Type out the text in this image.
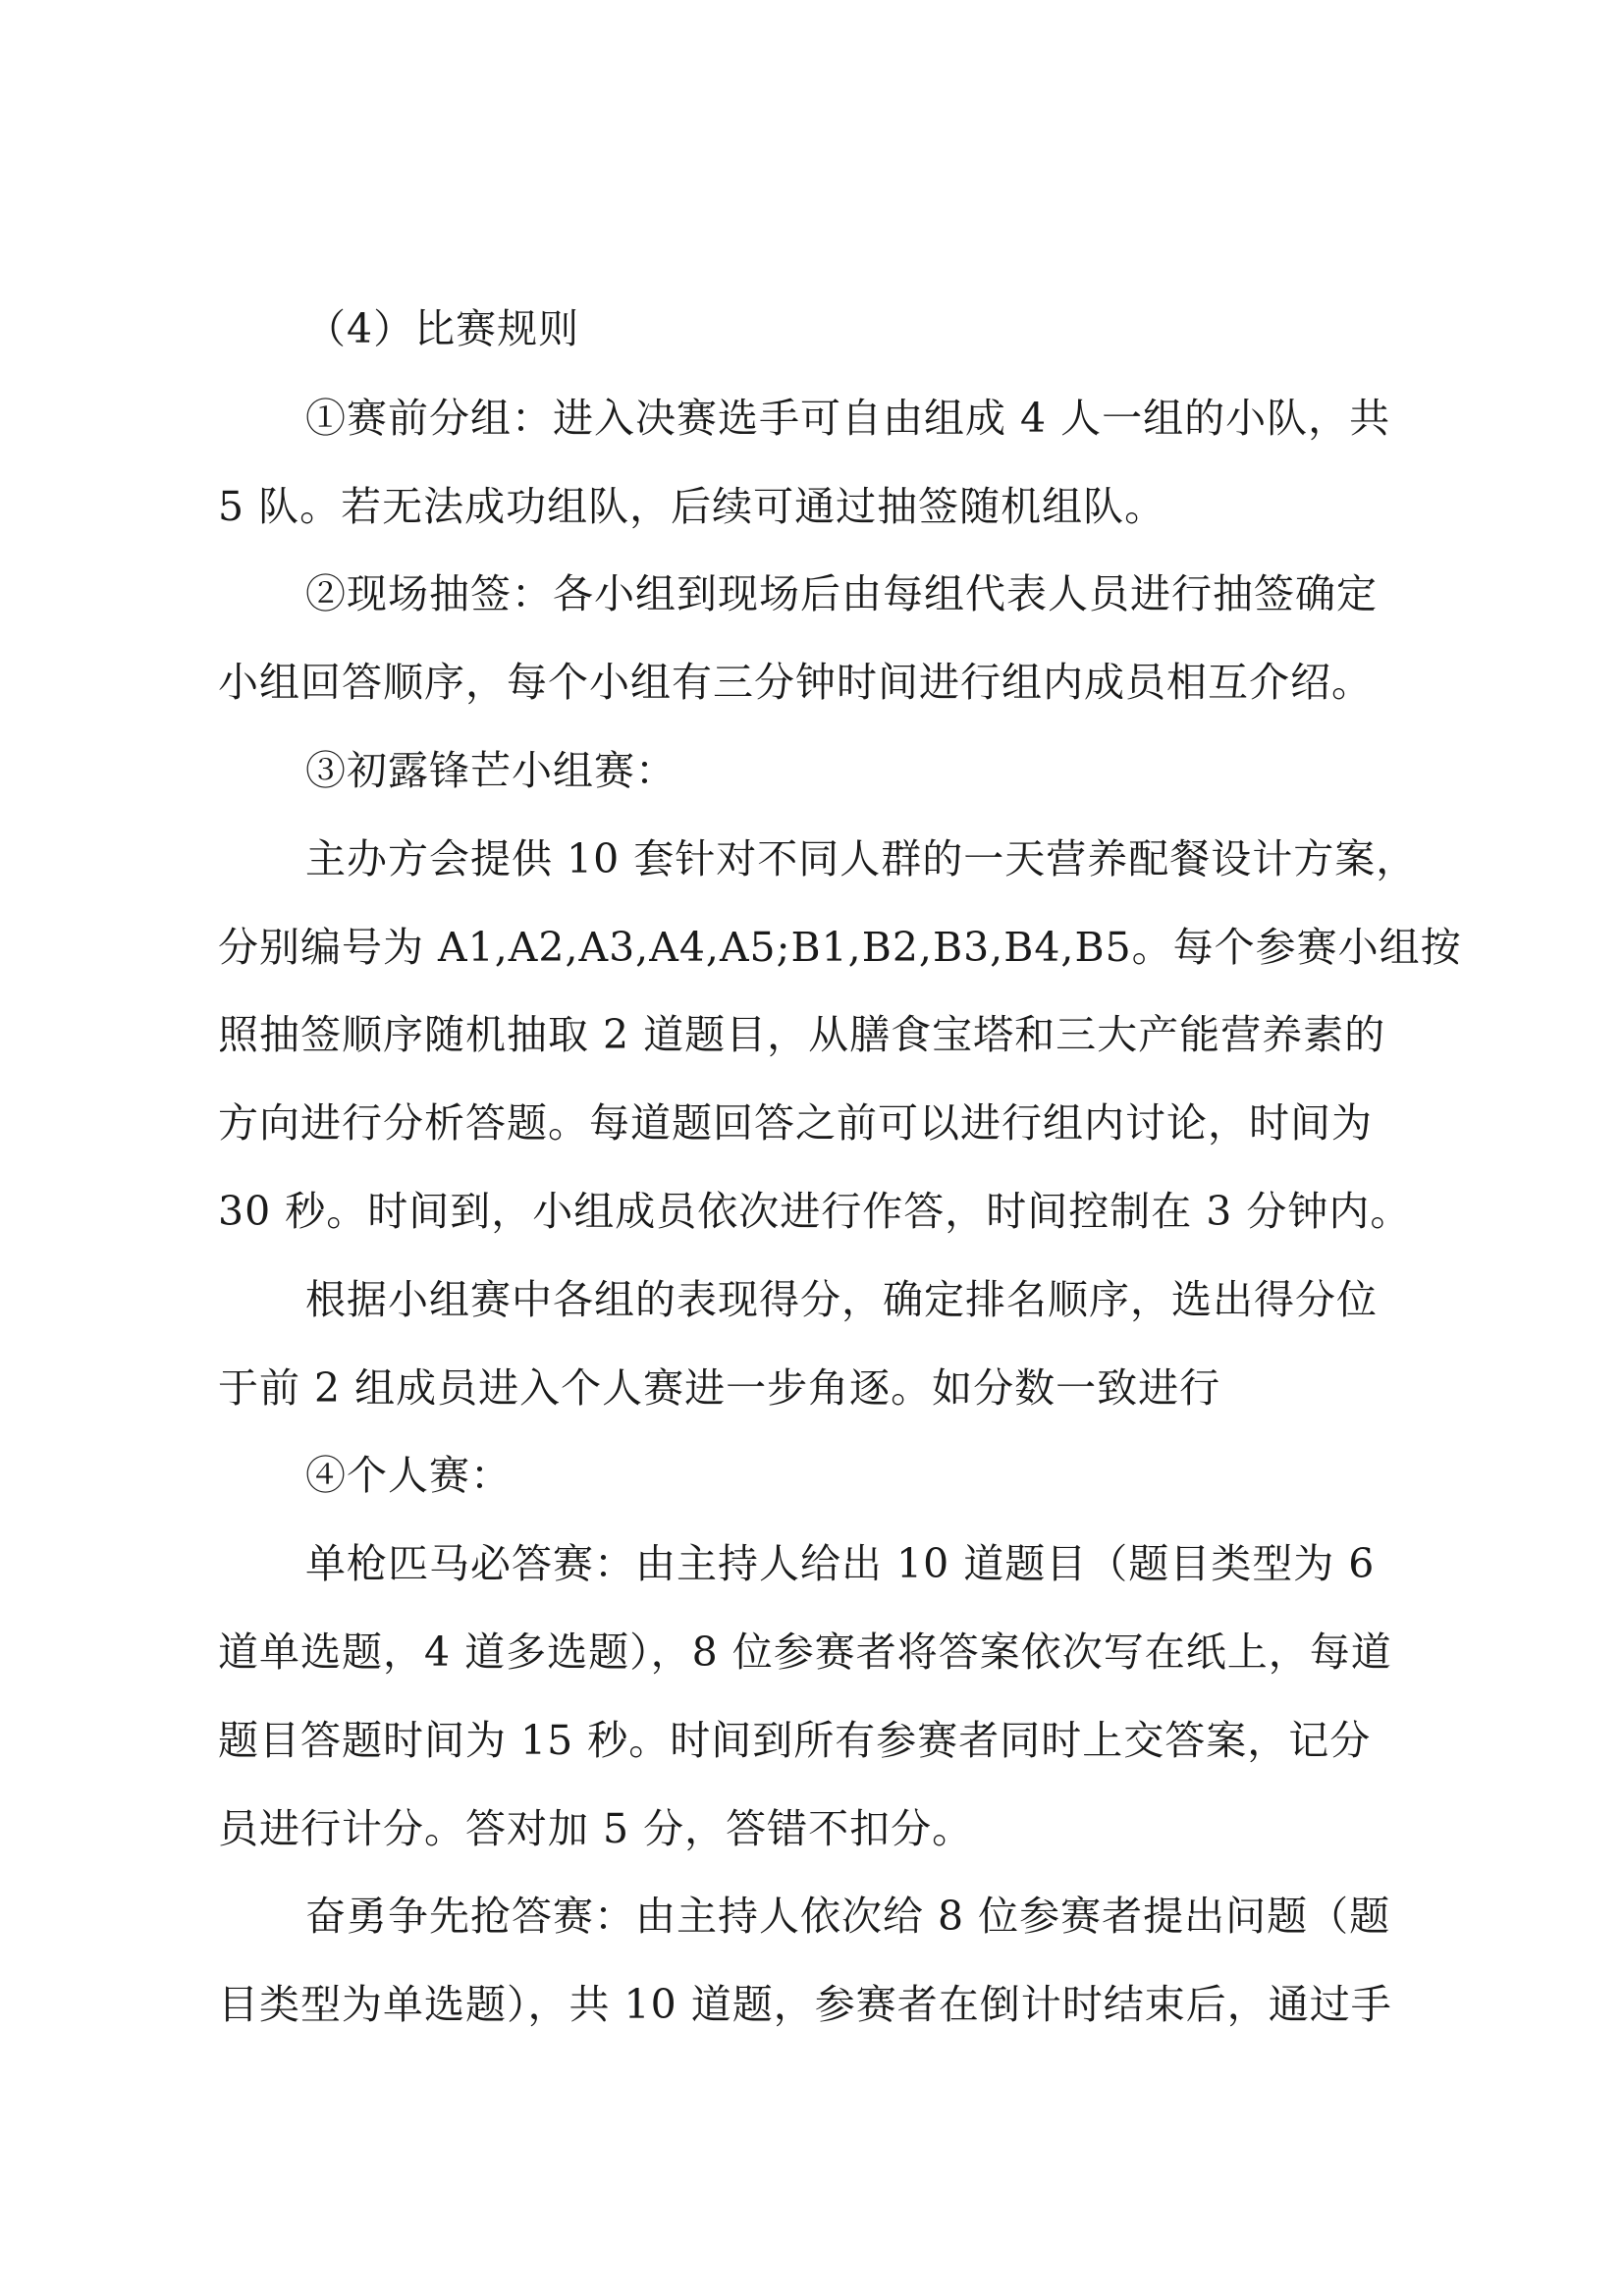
（4）比赛规则
①赛前分组：进入决赛选手可自由组成 4 人一组的小队，共
5 队。若无法成功组队，后续可通过抽签随机组队。
②现场抽签：各小组到现场后由每组代表人员进行抽签确定
小组回答顺序，每个小组有三分钟时间进行组内成员相互介绍。
③初露锋芒小组赛：
主办方会提供 10 套针对不同人群的一天营养配餐设计方案，
分别编号为 A1,A2,A3,A4,A5;B1,B2,B3,B4,B5。每个参赛小组按
照抽签顺序随机抽取 2 道题目，从膳食宝塔和三大产能营养素的
方向进行分析答题。每道题回答之前可以进行组内讨论，时间为
30 秒。时间到，小组成员依次进行作答，时间控制在 3 分钟内。
根据小组赛中各组的表现得分，确定排名顺序，选出得分位
于前 2 组成员进入个人赛进一步角逐。如分数一致进行
④个人赛：
单枪匹马必答赛：由主持人给出 10 道题目（题目类型为 6
道单选题，4 道多选题），8 位参赛者将答案依次写在纸上，每道
题目答题时间为 15 秒。时间到所有参赛者同时上交答案，记分
员进行计分。答对加 5 分，答错不扣分。
奋勇争先抢答赛：由主持人依次给 8 位参赛者提出问题（题
目类型为单选题），共 10 道题，参赛者在倒计时结束后，通过手
